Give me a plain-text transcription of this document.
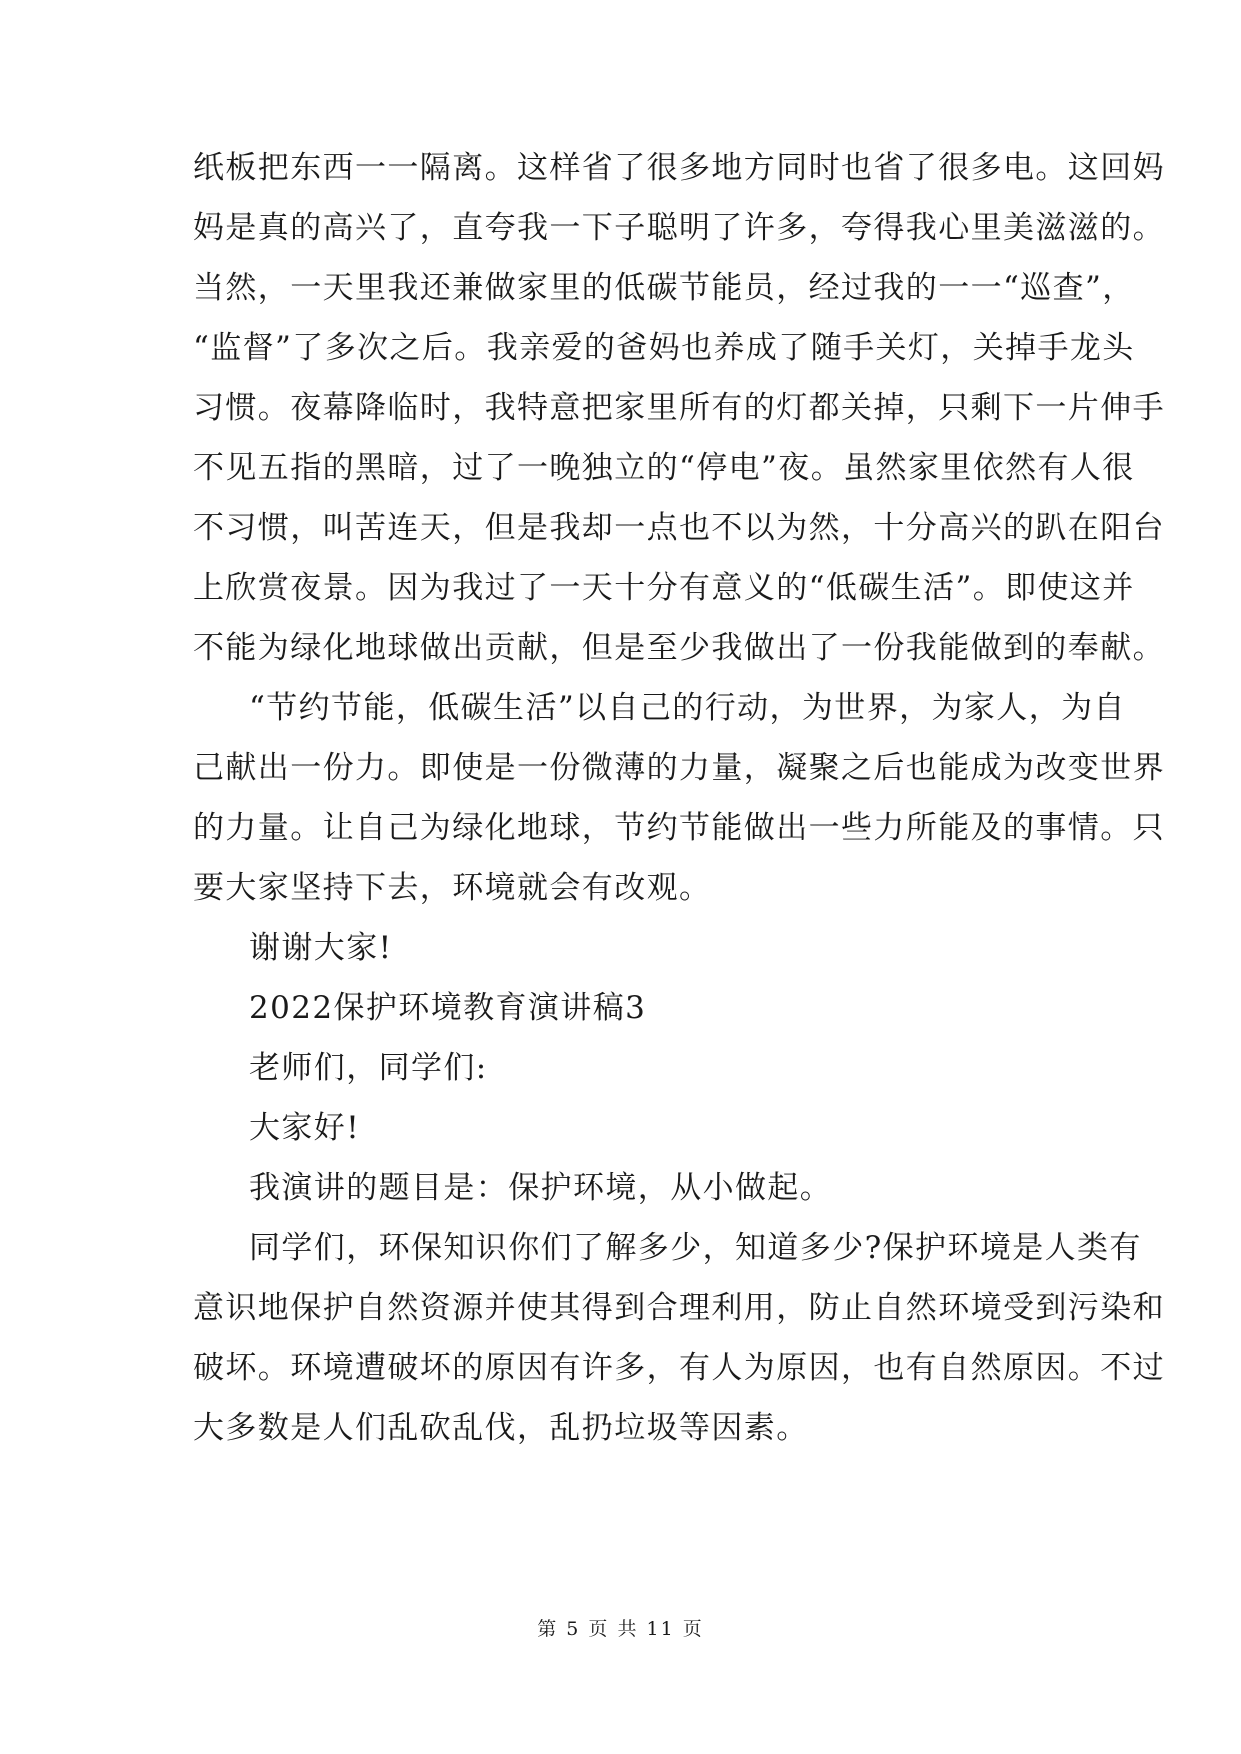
纸板把东西一一隔离。这样省了很多地方同时也省了很多电。这回妈
妈是真的高兴了，直夸我一下子聪明了许多，夸得我心里美滋滋的。
当然，一天里我还兼做家里的低碳节能员，经过我的一一“巡查”，
“监督”了多次之后。我亲爱的爸妈也养成了随手关灯，关掉手龙头
习惯。夜幕降临时，我特意把家里所有的灯都关掉，只剩下一片伸手
不见五指的黑暗，过了一晚独立的“停电”夜。虽然家里依然有人很
不习惯，叫苦连天，但是我却一点也不以为然，十分高兴的趴在阳台
上欣赏夜景。因为我过了一天十分有意义的“低碳生活”。即使这并
不能为绿化地球做出贡献，但是至少我做出了一份我能做到的奉献。
“节约节能，低碳生活”以自己的行动，为世界，为家人，为自
己献出一份力。即使是一份微薄的力量，凝聚之后也能成为改变世界
的力量。让自己为绿化地球，节约节能做出一些力所能及的事情。只
要大家坚持下去，环境就会有改观。
谢谢大家!
2022保护环境教育演讲稿3
老师们，同学们:
大家好!
我演讲的题目是：保护环境，从小做起。
同学们，环保知识你们了解多少，知道多少?保护环境是人类有
意识地保护自然资源并使其得到合理利用，防止自然环境受到污染和
破坏。环境遭破坏的原因有许多，有人为原因，也有自然原因。不过
大多数是人们乱砍乱伐，乱扔垃圾等因素。
第 5 页 共 11 页
